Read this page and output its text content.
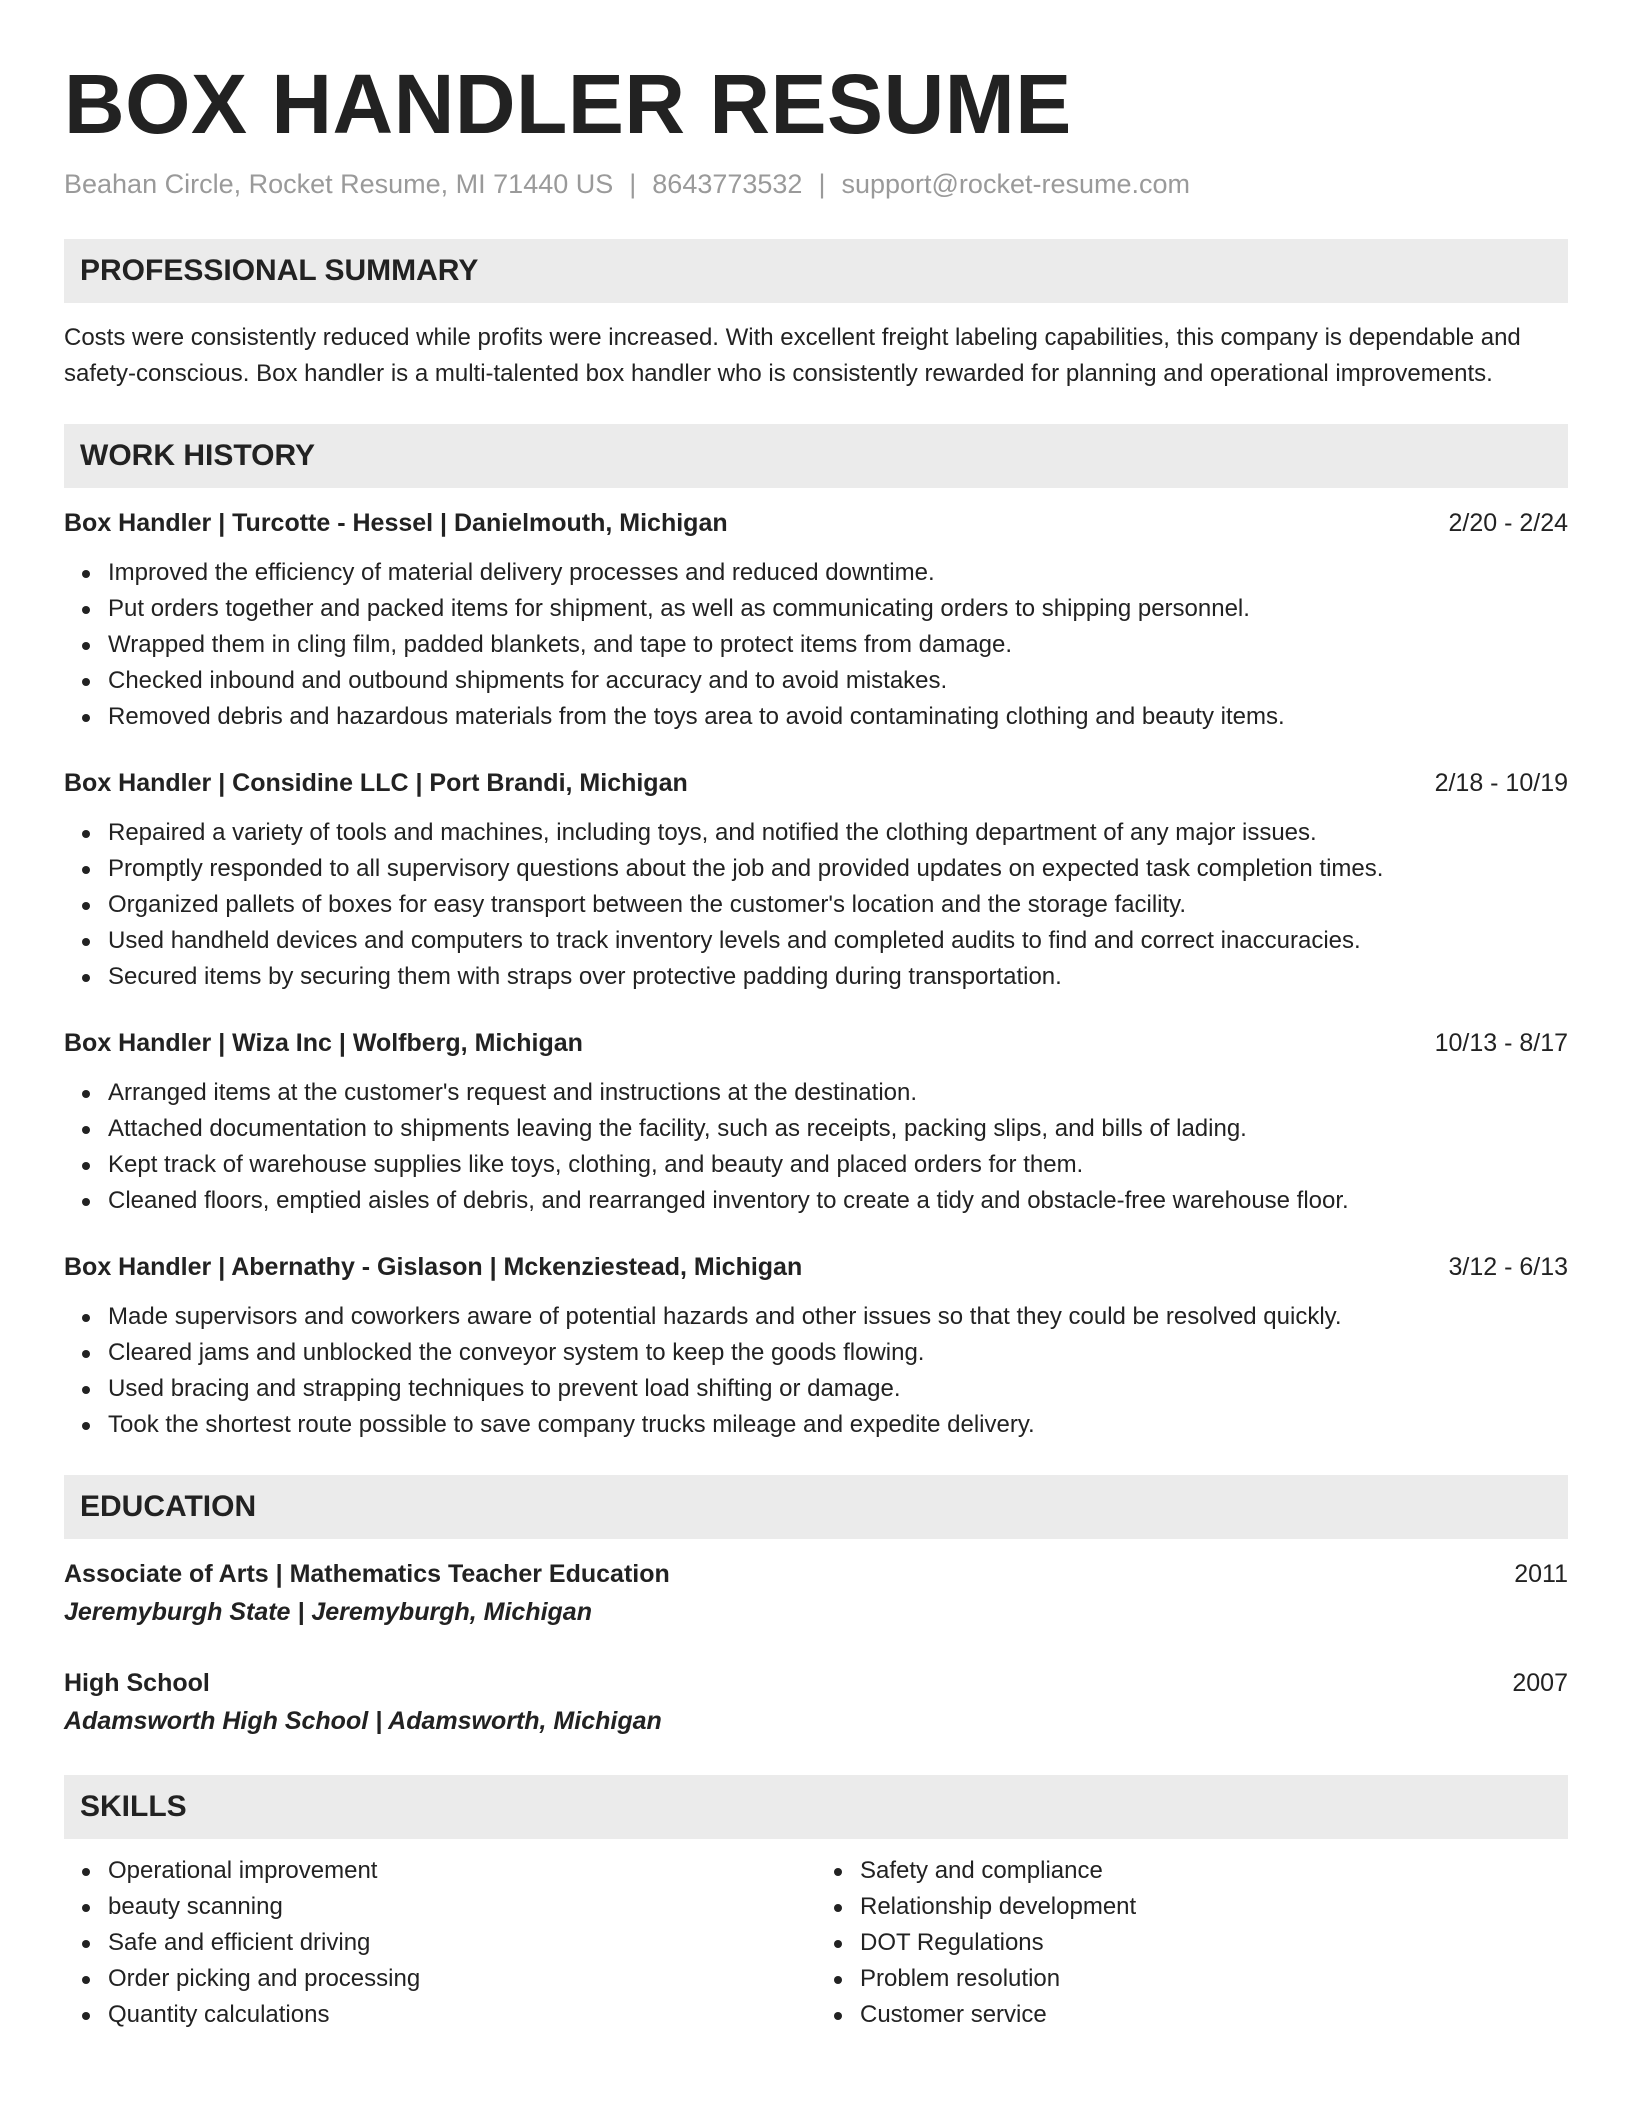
BOX HANDLER RESUME
Beahan Circle, Rocket Resume, MI 71440 US | 8643773532 | support@rocket-resume.com
PROFESSIONAL SUMMARY

Costs were consistently reduced while profits were increased. With excellent freight labeling capabilities, this company is dependable and safety-conscious. Box handler is a multi-talented box handler who is consistently rewarded for planning and operational improvements.

WORK HISTORY
Box Handler | Turcotte - Hessel | Danielmouth, Michigan	2/20 - 2/24
Improved the efficiency of material delivery processes and reduced downtime.
Put orders together and packed items for shipment, as well as communicating orders to shipping personnel.
Wrapped them in cling film, padded blankets, and tape to protect items from damage.
Checked inbound and outbound shipments for accuracy and to avoid mistakes.
Removed debris and hazardous materials from the toys area to avoid contaminating clothing and beauty items.
Box Handler | Considine LLC | Port Brandi, Michigan	2/18 - 10/19
Repaired a variety of tools and machines, including toys, and notified the clothing department of any major issues.
Promptly responded to all supervisory questions about the job and provided updates on expected task completion times.
Organized pallets of boxes for easy transport between the customer's location and the storage facility.
Used handheld devices and computers to track inventory levels and completed audits to find and correct inaccuracies.
Secured items by securing them with straps over protective padding during transportation.
Box Handler | Wiza Inc | Wolfberg, Michigan	10/13 - 8/17
Arranged items at the customer's request and instructions at the destination.
Attached documentation to shipments leaving the facility, such as receipts, packing slips, and bills of lading.
Kept track of warehouse supplies like toys, clothing, and beauty and placed orders for them.
Cleaned floors, emptied aisles of debris, and rearranged inventory to create a tidy and obstacle-free warehouse floor.
Box Handler | Abernathy - Gislason | Mckenziestead, Michigan	3/12 - 6/13
Made supervisors and coworkers aware of potential hazards and other issues so that they could be resolved quickly.
Cleared jams and unblocked the conveyor system to keep the goods flowing.
Used bracing and strapping techniques to prevent load shifting or damage.
Took the shortest route possible to save company trucks mileage and expedite delivery.
EDUCATION
Associate of Arts | Mathematics Teacher Education	2011
Jeremyburgh State | Jeremyburgh, Michigan
High School	2007
Adamsworth High School | Adamsworth, Michigan
SKILLS
Operational improvement
beauty scanning
Safe and efficient driving
Order picking and processing
Quantity calculations
Safety and compliance
Relationship development
DOT Regulations
Problem resolution
Customer service
